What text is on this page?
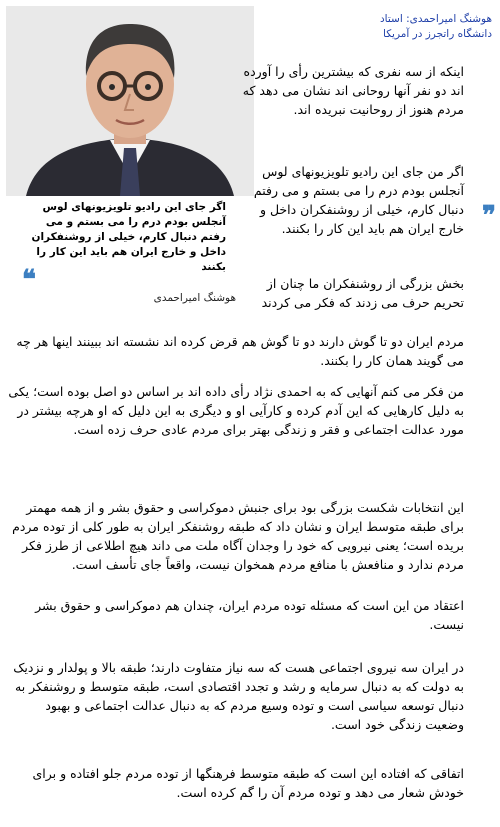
هوشنگ امیراحمدی: استاد
دانشگاه راتجرز در آمریکا
❞
اگر جای این رادیو تلویزیونهای لوس آنجلس بودم درم را می بستم و می رفتم دنبال کارم، خیلی از روشنفکران داخل و خارج ایران هم باید این کار را بکنند
❝
هوشنگ امیراحمدی

اینکه از سه نفری که بیشترین رأی را آورده اند دو نفر آنها روحانی اند نشان می دهد که مردم هنوز از روحانیت نبریده اند.

اگر من جای این رادیو تلویزیونهای لوس آنجلس بودم درم را می بستم و می رفتم دنبال کارم، خیلی از روشنفکران داخل و خارج ایران هم باید این کار را بکنند.

بخش بزرگی از روشنفکران ما چنان از تحریم حرف می زدند که فکر می کردند

مردم ایران دو تا گوش دارند دو تا گوش هم قرض کرده اند نشسته اند ببینند اینها هر چه می گویند همان کار را بکنند.

من فکر می کنم آنهایی که به احمدی نژاد رأی داده اند بر اساس دو اصل بوده است؛ یکی به دلیل کارهایی که این آدم کرده و کارآیی او و دیگری به این دلیل که او هرچه بیشتر در مورد عدالت اجتماعی و فقر و زندگی بهتر برای مردم عادی حرف زده است.

این انتخابات شکست بزرگی بود برای جنبش دموکراسی و حقوق بشر و از همه مهمتر برای طبقه متوسط ایران و نشان داد که طبقه روشنفکر ایران به طور کلی از توده مردم بریده است؛ یعنی نیرویی که خود را وجدان آگاه ملت می داند هیچ اطلاعی از طرز فکر مردم ندارد و منافعش با منافع مردم همخوان نیست، واقعاً جای تأسف است.

اعتقاد من این است که مسئله توده مردم ایران، چندان هم دموکراسی و حقوق بشر نیست.

در ایران سه نیروی اجتماعی هست که سه نیاز متفاوت دارند؛ طبقه بالا و پولدار و نزدیک به دولت که به دنبال سرمایه و رشد و تجدد اقتصادی است، طبقه متوسط و روشنفکر به دنبال توسعه سیاسی است و توده وسیع مردم که به دنبال عدالت اجتماعی و بهبود وضعیت زندگی خود است.

اتفاقی که افتاده این است که طبقه متوسط فرهنگها از توده مردم جلو افتاده و برای خودش شعار می دهد و توده مردم آن را گم کرده است.
